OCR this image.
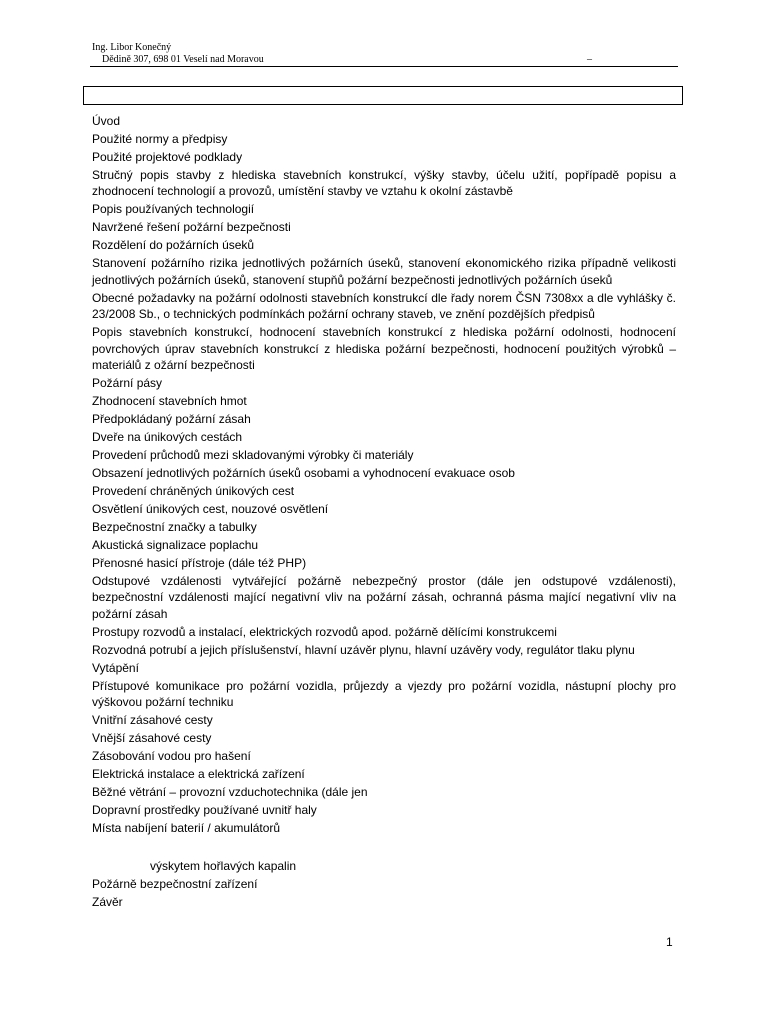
Ing. Libor Konečný
Dědině 307, 698 01 Veselí nad Moravou	–
Úvod
Použité normy a předpisy
Použité projektové podklady
Stručný popis stavby z hlediska stavebních konstrukcí, výšky stavby, účelu užití, popřípadě popisu a zhodnocení technologií a provozů, umístění stavby ve vztahu k okolní zástavbě
Popis používaných technologií
Navržené řešení požární bezpečnosti
Rozdělení do požárních úseků
Stanovení požárního rizika jednotlivých požárních úseků, stanovení ekonomického rizika případně velikosti jednotlivých požárních úseků, stanovení stupňů požární bezpečnosti jednotlivých požárních úseků
Obecné požadavky na požární odolnosti stavebních konstrukcí dle řady norem ČSN 7308xx a dle vyhlášky č. 23/2008 Sb., o technických podmínkách požární ochrany staveb, ve znění pozdějších předpisů
Popis stavebních konstrukcí, hodnocení stavebních konstrukcí z hlediska požární odolnosti, hodnocení povrchových úprav stavebních konstrukcí z hlediska požární bezpečnosti, hodnocení použitých výrobků – materiálů z ožární bezpečnosti
Požární pásy
Zhodnocení stavebních hmot
Předpokládaný požární zásah
Dveře na únikových cestách
Provedení průchodů mezi skladovanými výrobky či materiály
Obsazení jednotlivých požárních úseků osobami a vyhodnocení evakuace osob
Provedení chráněných únikových cest
Osvětlení únikových cest, nouzové osvětlení
Bezpečnostní značky a tabulky
Akustická signalizace poplachu
Přenosné hasicí přístroje (dále též PHP)
Odstupové vzdálenosti vytvářející požárně nebezpečný prostor (dále jen odstupové vzdálenosti), bezpečnostní vzdálenosti mající negativní vliv na požární zásah, ochranná pásma mající negativní vliv na požární zásah
Prostupy rozvodů a instalací, elektrických rozvodů apod. požárně dělícími konstrukcemi
Rozvodná potrubí a jejich příslušenství, hlavní uzávěr plynu, hlavní uzávěry vody, regulátor tlaku plynu
Vytápění
Přístupové komunikace pro požární vozidla, průjezdy a vjezdy pro požární vozidla, nástupní plochy pro výškovou požární techniku
Vnitřní zásahové cesty
Vnější zásahové cesty
Zásobování vodou pro hašení
Elektrická instalace a elektrická zařízení
Běžné větrání – provozní vzduchotechnika (dále jen
Dopravní prostředky používané uvnitř haly
Místa nabíjení baterií / akumulátorů
výskytem hořlavých kapalin
Požárně bezpečnostní zařízení
Závěr
1
